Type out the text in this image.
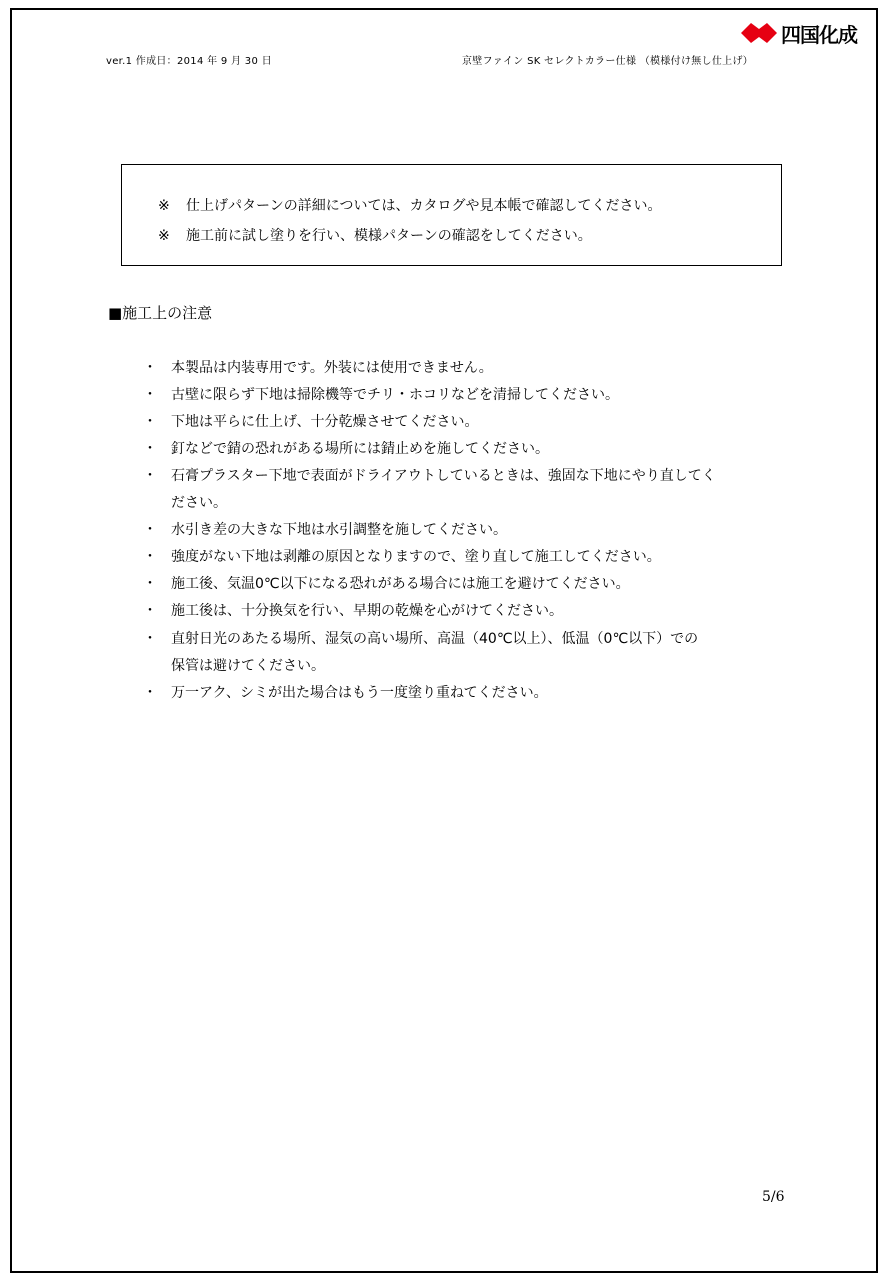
ver.1 作成日：2014 年 9 月 30 日	京壁ファイン SK セレクトカラー仕様 （模様付け無し仕上げ）
四国化成
※ 仕上げパターンの詳細については、カタログや見本帳で確認してください。
※ 施工前に試し塗りを行い、模様パターンの確認をしてください。
■施工上の注意
・ 本製品は内装専用です。外装には使用できません。
・ 古壁に限らず下地は掃除機等でチリ・ホコリなどを清掃してください。
・ 下地は平らに仕上げ、十分乾燥させてください。
・ 釘などで錆の恐れがある場所には錆止めを施してください。
・ 石膏プラスター下地で表面がドライアウトしているときは、強固な下地にやり直してく
ださい。
・ 水引き差の大きな下地は水引調整を施してください。
・ 強度がない下地は剥離の原因となりますので、塗り直して施工してください。
・ 施工後、気温0℃以下になる恐れがある場合には施工を避けてください。
・ 施工後は、十分換気を行い、早期の乾燥を心がけてください。
・ 直射日光のあたる場所、湿気の高い場所、高温（40℃以上）、低温（0℃以下）での
保管は避けてください。
・ 万一アク、シミが出た場合はもう一度塗り重ねてください。
5/6
